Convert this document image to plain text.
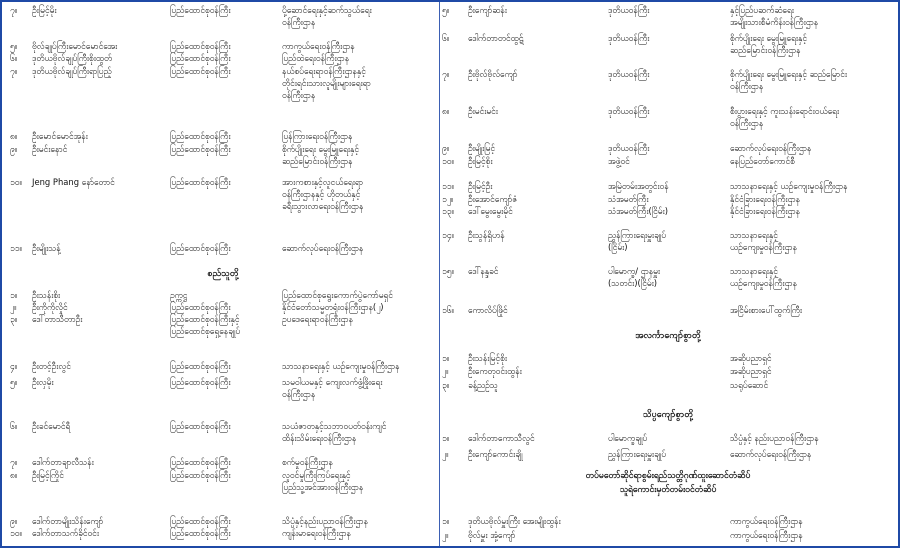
စည်သူတို့
၇။	ဦးမြင့်မိုး	ပြည်ထောင်စုဝန်ကြီး	ပို့ဆောင်ရေးနှင့်ဆက်သွယ်ရေး
ဝန်ကြီးဌာန
၅။	ဗိုလ်ချုပ်ကြီးမောင်မောင်အေး	ပြည်ထောင်စုဝန်ကြီး	ကာကွယ်ရေးဝန်ကြီးဌာန
၆။	ဒုတိယဗိုလ်ချုပ်ကြီးစိုးထွတ်	ပြည်ထောင်စုဝန်ကြီး	ပြည်ထဲရေးဝန်ကြီးဌာန
၇။	ဒုတိယဗိုလ်ချုပ်ကြီးရာပြည့်	ပြည်ထောင်စုဝန်ကြီး	နယ်စပ်ရေးရာဝန်ကြီးဌာနနှင့်
တိုင်းရင်းသားလူမျိုးများရေးရာ
ဝန်ကြီးဌာန
၈။	ဦးမောင်မောင်အုန်း	ပြည်ထောင်စုဝန်ကြီး	ပြန်ကြားရေးဝန်ကြီးဌာန
၉။	ဦးမင်းနောင်	ပြည်ထောင်စုဝန်ကြီး	စိုက်ပျိုးရေး မွေးမြူရေးနှင့်
ဆည်မြောင်းဝန်ကြီးဌာန
၁၀။	Jeng Phang နော်တောင်	ပြည်ထောင်စုဝန်ကြီး	အားကစားနှင့်လူငယ်ရေးရာ
ဝန်ကြီးဌာနနှင့် ဟိုတယ်နှင့်
ခရီးသွားလာရေးဝန်ကြီးဌာန
၁၁။	ဦးမျိုးသန့်	ပြည်ထောင်စုဝန်ကြီး	ဆောက်လုပ်ရေးဝန်ကြီးဌာန
၁။	ဦးသန်းစိုး	ဥက္ကဋ္ဌ	ပြည်ထောင်စုရွေးကောက်ပွဲကော်မရှင်
၂။	ဦးကိုကိုလှိုင်	ပြည်ထောင်စုဝန်ကြီး	နိုင်ငံတော်သမ္မတရုံးဝန်ကြီးဌာန(၂)
၃။	ဒေါ်တာသီတာဦး	ပြည်ထောင်စုဝန်ကြီးနှင့်
ပြည်ထောင်စုရှေ့နေချုပ်
ဥပဒေရေးရာဝန်ကြီးဌာန
၄။	ဦးတင့်ဦးလွင်	ပြည်ထောင်စုဝန်ကြီး	သာသနာရေးနှင့် ယဉ်ကျေးမှုဝန်ကြီးဌာန
၅။	ဦးလှမိုး	ပြည်ထောင်စုဝန်ကြီး	သမဝါယမနှင့် ကျေးလက်ဖွံ့ဖြိုးရေး
ဝန်ကြီးဌာန
၆။	ဦးခင်မောင်ရီ	ပြည်ထောင်စုဝန်ကြီး	သယံဇာတနှင့်သဘာဝပတ်ဝန်းကျင်
ထိန်းသိမ်းရေးဝန်ကြီးဌာန
၇။	ဒေါက်တာချာလီသန်း	ပြည်ထောင်စုဝန်ကြီး	စက်မှုဝန်ကြီးဌာန
၈။	ဦးမြင့်ကြိုင်	ပြည်ထောင်စုဝန်ကြီး	လူဝင်မှုကြီးကြပ်ရေးနှင့်
ပြည်သူ့အင်အားဝန်ကြီးဌာန
၉။	ဒေါက်တာမျိုးသိန်းကျော်	ပြည်ထောင်စုဝန်ကြီး	သိပ္ပံနှင့်နည်းပညာဝန်ကြီးဌာန
၁၀။	ဒေါက်တာသက်ခိုင်ဝင်း	ပြည်ထောင်စုဝန်ကြီး	ကျန်းမာရေးဝန်ကြီးဌာန
အလင်္ကာကျော်စွာတို့
သိပ္ပကျော်စွာတို့
တပ်မတော်ဆိုင်ရာစွမ်းရည်သတ္တိဂုဏ်ထူးဆောင်တံဆိပ်
သူရဲကောင်းမှတ်တမ်းဝင်တံဆိပ်
၅။	ဦးကျော်ဆန်း	ဒုတိယဝန်ကြီး	နှင့်ပြည်ပဆက်ဆံရေး
အမျိုးသားစီမံကိန်းဝန်ကြီးဌာန
၆။	ဒေါက်တာတင်ထွဋ်	ဒုတိယဝန်ကြီး	စိုက်ပျိုးရေး မွေးမြူရေးနှင့်
ဆည်မြောင်းဝန်ကြီးဌာန
၇။	ဦးဗိုလ်ဗိုလ်ကျော်	ဒုတိယဝန်ကြီး	စိုက်ပျိုးရေး မွေးမြူရေးနှင့် ဆည်မြောင်း
ဝန်ကြီးဌာန
၈။	ဦးမင်းမင်း	ဒုတိယဝန်ကြီး	စီးပွားရေးနှင့် ကူးသန်းရောင်းဝယ်ရေး
ဝန်ကြီးဌာန
၉။	ဦးမျိုးမြင့်	ဒုတိယဝန်ကြီး	ဆောက်လုပ်ရေးဝန်ကြီးဌာန
၁၀။	ဦးမြင့်စိုး	အဖွဲ့ဝင်	နေပြည်တော်ကောင်စီ
၁၁။	ဦးမြင့်ဦး	အမြဲတမ်းအတွင်းဝန်	သာသနာရေးနှင့် ယဉ်ကျေးမှုဝန်ကြီးဌာန
၁၂။	ဦးအောင်ကျော်ဇံ	သံအမတ်ကြီး	နိုင်ငံခြားရေးဝန်ကြီးဌာန
၁၃။	ဒေါ်မွေးမွေးမိုင်	သံအမတ်ကြီး(ငြိမ်း)	နိုင်ငံခြားရေးဝန်ကြီးဌာန
၁၄။	ဦးသွန်ရှိဟန်	ညွှန်ကြားရေးမှူးချုပ်
(ငြိမ်း)
သာသနာရေးနှင့်
ယဉ်ကျေးမှုဝန်ကြီးဌာန
၁၅။	ဒေါ်နန္ဒခင်	ပါမောက္ခ/ ဌာနမှူး
(သတင်း)(ငြိမ်း)
သာသနာရေးနှင့်
ယဉ်ကျေးမှုဝန်ကြီးဌာန
၁၆။	ကောလိပ်ဖြိုင်	အငြိမ်းစားပေါ်ထွက်ကြီး
၁။	ဦးသန်းမြင့်စိုး	အဆိုပညာရှင်
၂။	ဦးကေတုဝင်းထွန်း	အဆိုပညာရှင်
၃။	ခန့်ညဉ်သူ	သရုပ်ဆောင်
၁။	ဒေါက်တာကောသီလွင်	ပါမောက္ခချုပ်	သိပ္ပံနှင့် နည်းပညာဝန်ကြီးဌာန
၂။	ဦးကျော်ကောင်းချို	ညွှန်ကြားရေးမှူးချုပ်	ဆောက်လုပ်ရေးဝန်ကြီးဌာန
၁။	ဒုတိယဗိုလ်မှူးကြီး အေးမျိုးထွန်း	ကာကွယ်ရေးဝန်ကြီးဌာန
၂။	ဗိုလ်မှူး အုံ့ကျော်	ကာကွယ်ရေးဝန်ကြီးဌာန
